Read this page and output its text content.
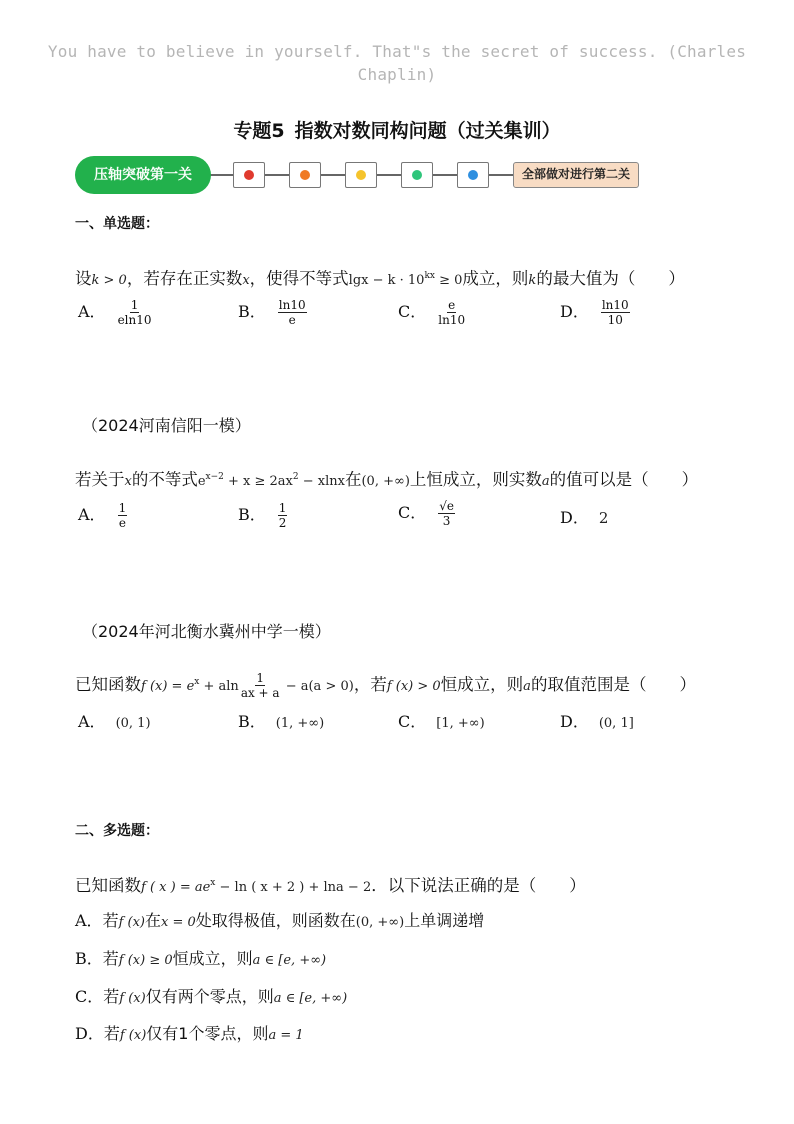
You have to believe in yourself. That"s the secret of success. (Charles Chaplin)
专题5 指数对数同构问题（过关集训）
压轴突破第一关	全部做对进行第二关
一、单选题：
设k > 0，若存在正实数x，使得不等式$\lg x - k \cdot 10^{kx} \ge 0$成立，则k的最大值为（　　）
A． $\frac{1}{eln10}$	B． $\frac{\ln 10}{e}$	C． $\frac{e}{\ln 10}$	D． $\frac{\ln 10}{10}$
（2024河南信阳一模）
若关于x的不等式$e^{x-2} + x \ge 2ax^2 - xlnx$在(0, +∞)上恒成立，则实数a的值可以是（　　）
A． $\frac{1}{e}$	B． $\frac{1}{2}$	C． $\frac{√e}{3}$	D． 2
（2024年河北衡水冀州中学一模）
已知函数f $(x) = e^x + aln \frac{1}{ax + a} - a(a > 0)$，若f (x) > 0恒成立，则a的取值范围是（　　）
A． (0, 1)	B． (1, +∞)	C． [1, +∞)	D． (0, 1]
二、多选题：
已知函数f ( x ) = $ae^x - \ln$ ( x + 2 ) + lna − 2．以下说法正确的是（　　）
A．若f (x)在x = 0处取得极值，则函数在(0, +∞)上单调递增
B．若f (x) ≥ 0恒成立，则a ∈ [e, +∞)
C．若f (x)仅有两个零点，则a ∈ [e, +∞)
D．若f (x)仅有1个零点，则a = 1
